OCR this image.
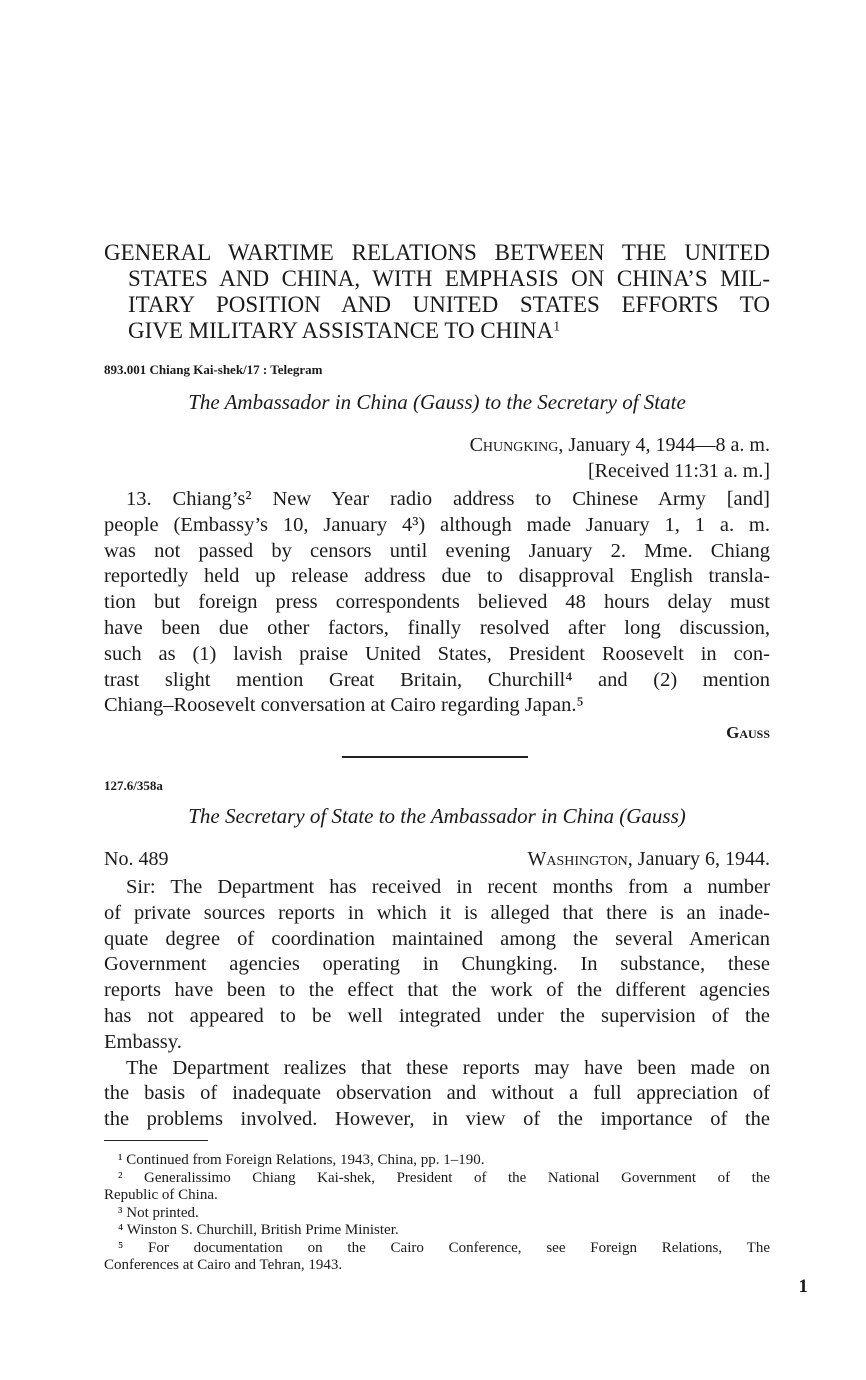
GENERAL WARTIME RELATIONS BETWEEN THE UNITED
STATES AND CHINA, WITH EMPHASIS ON CHINA’S MIL-
ITARY POSITION AND UNITED STATES EFFORTS TO
GIVE MILITARY ASSISTANCE TO CHINA$^1$
893.001 Chiang Kai-shek/17 : Telegram
The Ambassador in China (Gauss) to the Secretary of State
Chungking, January 4, 1944—8 a. m.
[Received 11:31 a. m.]
13. Chiang’s² New Year radio address to Chinese Army [and]
people (Embassy’s 10, January 4³) although made January 1, 1 a. m.
was not passed by censors until evening January 2. Mme. Chiang
reportedly held up release address due to disapproval English transla-
tion but foreign press correspondents believed 48 hours delay must
have been due other factors, finally resolved after long discussion,
such as (1) lavish praise United States, President Roosevelt in con-
trast slight mention Great Britain, Churchill⁴ and (2) mention
Chiang–Roosevelt conversation at Cairo regarding Japan.⁵
Gauss
127.6/358a
The Secretary of State to the Ambassador in China (Gauss)
No. 489	Washington, January 6, 1944.
Sir: The Department has received in recent months from a number
of private sources reports in which it is alleged that there is an inade-
quate degree of coordination maintained among the several American
Government agencies operating in Chungking. In substance, these
reports have been to the effect that the work of the different agencies
has not appeared to be well integrated under the supervision of the
Embassy.
The Department realizes that these reports may have been made on
the basis of inadequate observation and without a full appreciation of
the problems involved. However, in view of the importance of the
¹ Continued from Foreign Relations, 1943, China, pp. 1–190.
² Generalissimo Chiang Kai-shek, President of the National Government of the
Republic of China.
³ Not printed.
⁴ Winston S. Churchill, British Prime Minister.
⁵ For documentation on the Cairo Conference, see Foreign Relations, The
Conferences at Cairo and Tehran, 1943.
1
